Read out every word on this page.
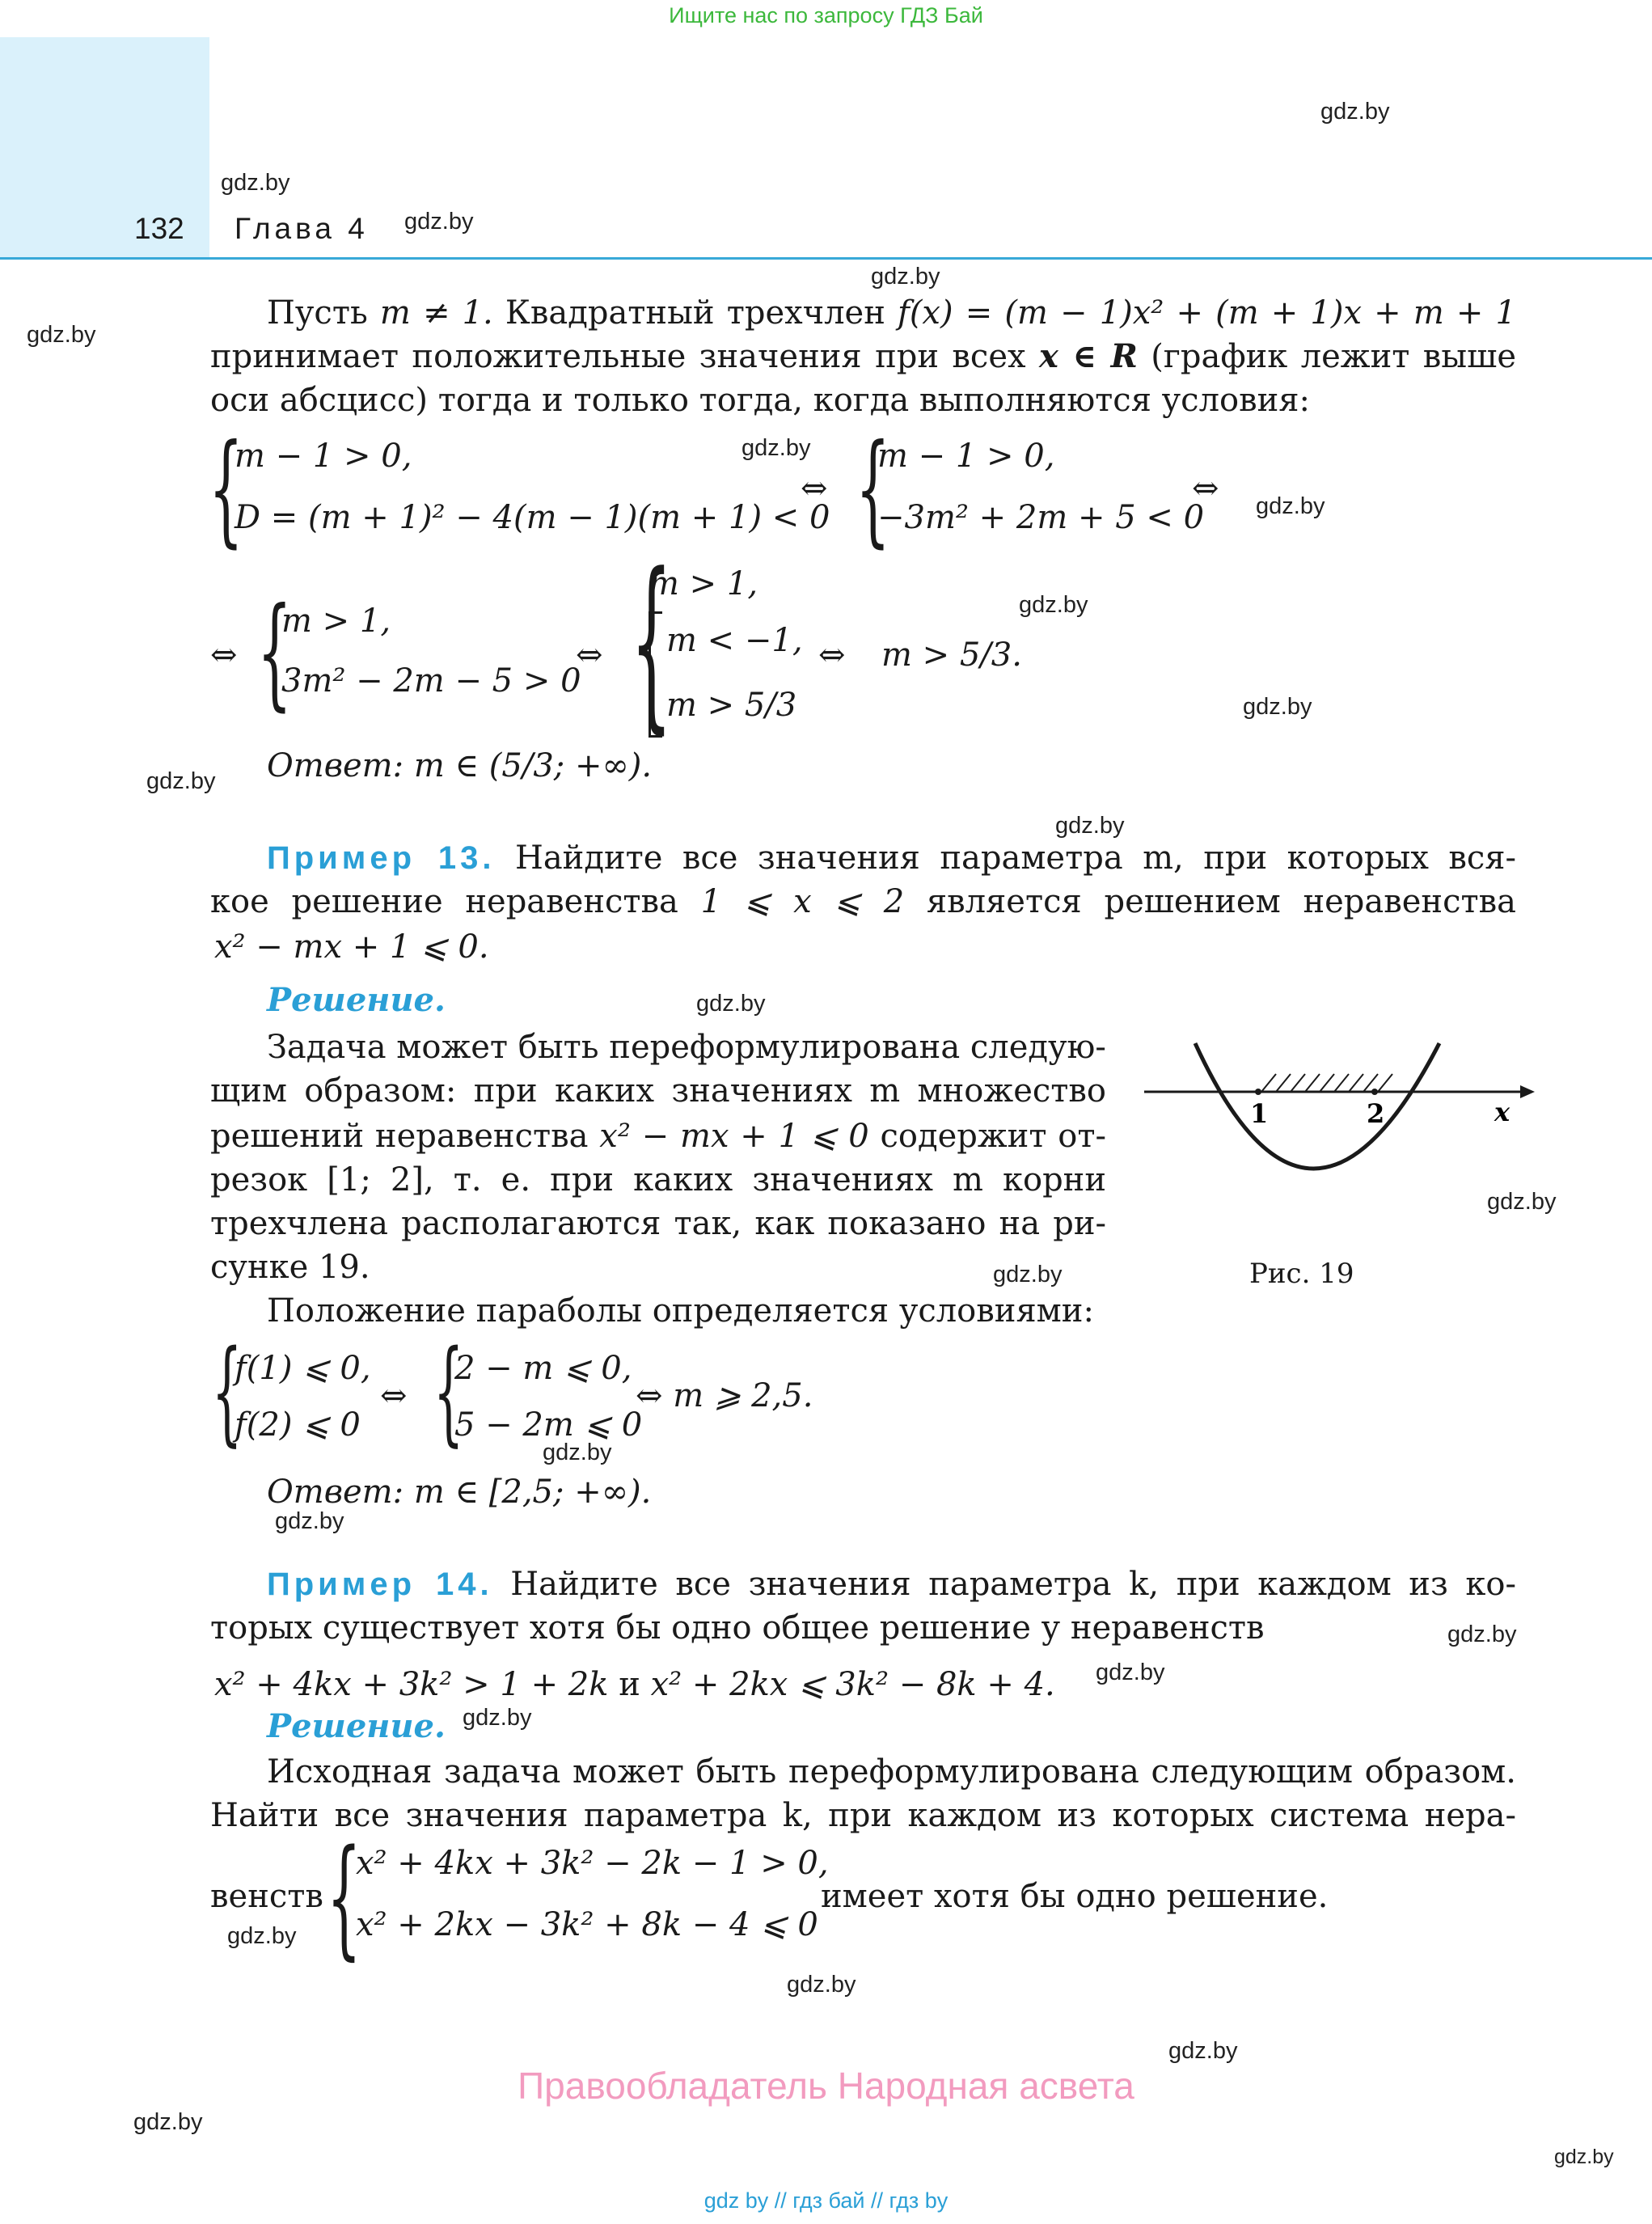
Ищите нас по запросу ГДЗ Бай
132 Глава 4
gdz.by
gdz.by
gdz.by
gdz.by
gdz.by
gdz.by
gdz.by
gdz.by
gdz.by
gdz.by
gdz.by
gdz.by
gdz.by
gdz.by
gdz.by
gdz.by
gdz.by
gdz.by
gdz.by
gdz.by
gdz.by
gdz.by
gdz.by
gdz.by
Пусть m ≠ 1. Квадратный трехчлен f(x) = (m − 1)x² + (m + 1)x + m + 1
принимает положительные значения при всех x ∈ R (график лежит выше
оси абсцисс) тогда и только тогда, когда выполняются условия:
{
m − 1 > 0,
D = (m + 1)² − 4(m − 1)(m + 1) < 0
⇔ {
m − 1 > 0,
−3m² + 2m + 5 < 0
⇔
⇔ {
m > 1,
3m² − 2m − 5 > 0
⇔ {
m > 1,
m < −1,
m > 5/3
⇔ m > 5/3.
Ответ: m ∈ (5/3; +∞).
Пример 13. Найдите все значения параметра m, при которых вся-
кое решение неравенства 1 ⩽ x ⩽ 2 является решением неравенства
x² − mx + 1 ⩽ 0.
Решение.
Задача может быть переформулирована следую-
щим образом: при каких значениях m множество
решений неравенства x² − mx + 1 ⩽ 0 содержит от-
резок [1; 2], т. е. при каких значениях m корни
трехчлена располагаются так, как показано на ри-
сунке 19.
Положение параболы определяется условиями:
1	2	x
Рис. 19
{
f(1) ⩽ 0,
f(2) ⩽ 0
⇔ {
2 − m ⩽ 0,
5 − 2m ⩽ 0
⇔ m ⩾ 2,5.
Ответ: m ∈ [2,5; +∞).
Пример 14. Найдите все значения параметра k, при каждом из ко-
торых существует хотя бы одно общее решение у неравенств
x² + 4kx + 3k² > 1 + 2k и x² + 2kx ⩽ 3k² − 8k + 4.
Решение.
Исходная задача может быть переформулирована следующим образом.
Найти все значения параметра k, при каждом из которых система нера-
венств {
x² + 4kx + 3k² − 2k − 1 > 0,
x² + 2kx − 3k² + 8k − 4 ⩽ 0
имеет хотя бы одно решение.
Правообладатель Народная асвета
gdz by // гдз бай // гдз by
